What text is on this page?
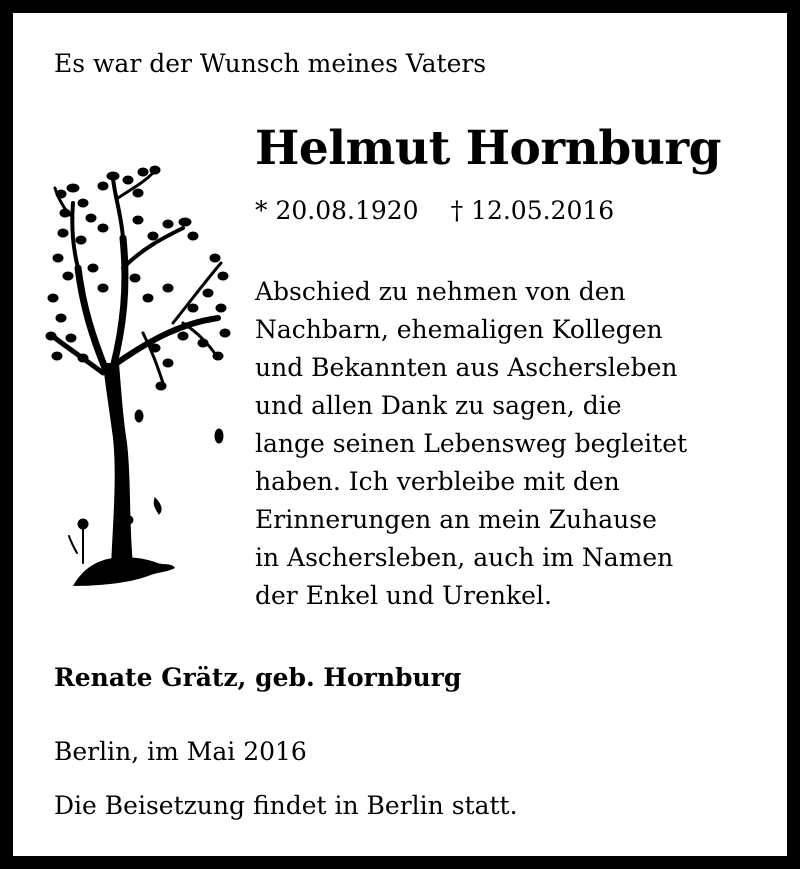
Es war der Wunsch meines Vaters
Helmut Hornburg
* 20.08.1920 † 12.05.2016
Abschied zu nehmen von den
Nachbarn, ehemaligen Kollegen
und Bekannten aus Aschersleben
und allen Dank zu sagen, die
lange seinen Lebensweg begleitet
haben. Ich verbleibe mit den
Erinnerungen an mein Zuhause
in Aschersleben, auch im Namen
der Enkel und Urenkel.
Renate Grätz, geb. Hornburg
Berlin, im Mai 2016
Die Beisetzung findet in Berlin statt.
